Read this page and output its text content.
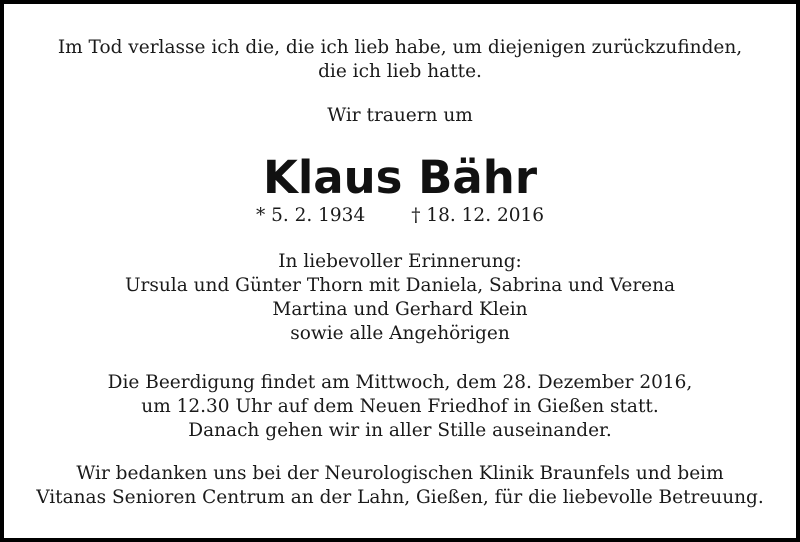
Im Tod verlasse ich die, die ich lieb habe, um diejenigen zurückzufinden,
die ich lieb hatte.
Wir trauern um
Klaus Bähr
* 5. 2. 1934 † 18. 12. 2016
In liebevoller Erinnerung:
Ursula und Günter Thorn mit Daniela, Sabrina und Verena
Martina und Gerhard Klein
sowie alle Angehörigen
Die Beerdigung findet am Mittwoch, dem 28. Dezember 2016,
um 12.30 Uhr auf dem Neuen Friedhof in Gießen statt.
Danach gehen wir in aller Stille auseinander.
Wir bedanken uns bei der Neurologischen Klinik Braunfels und beim
Vitanas Senioren Centrum an der Lahn, Gießen, für die liebevolle Betreuung.
